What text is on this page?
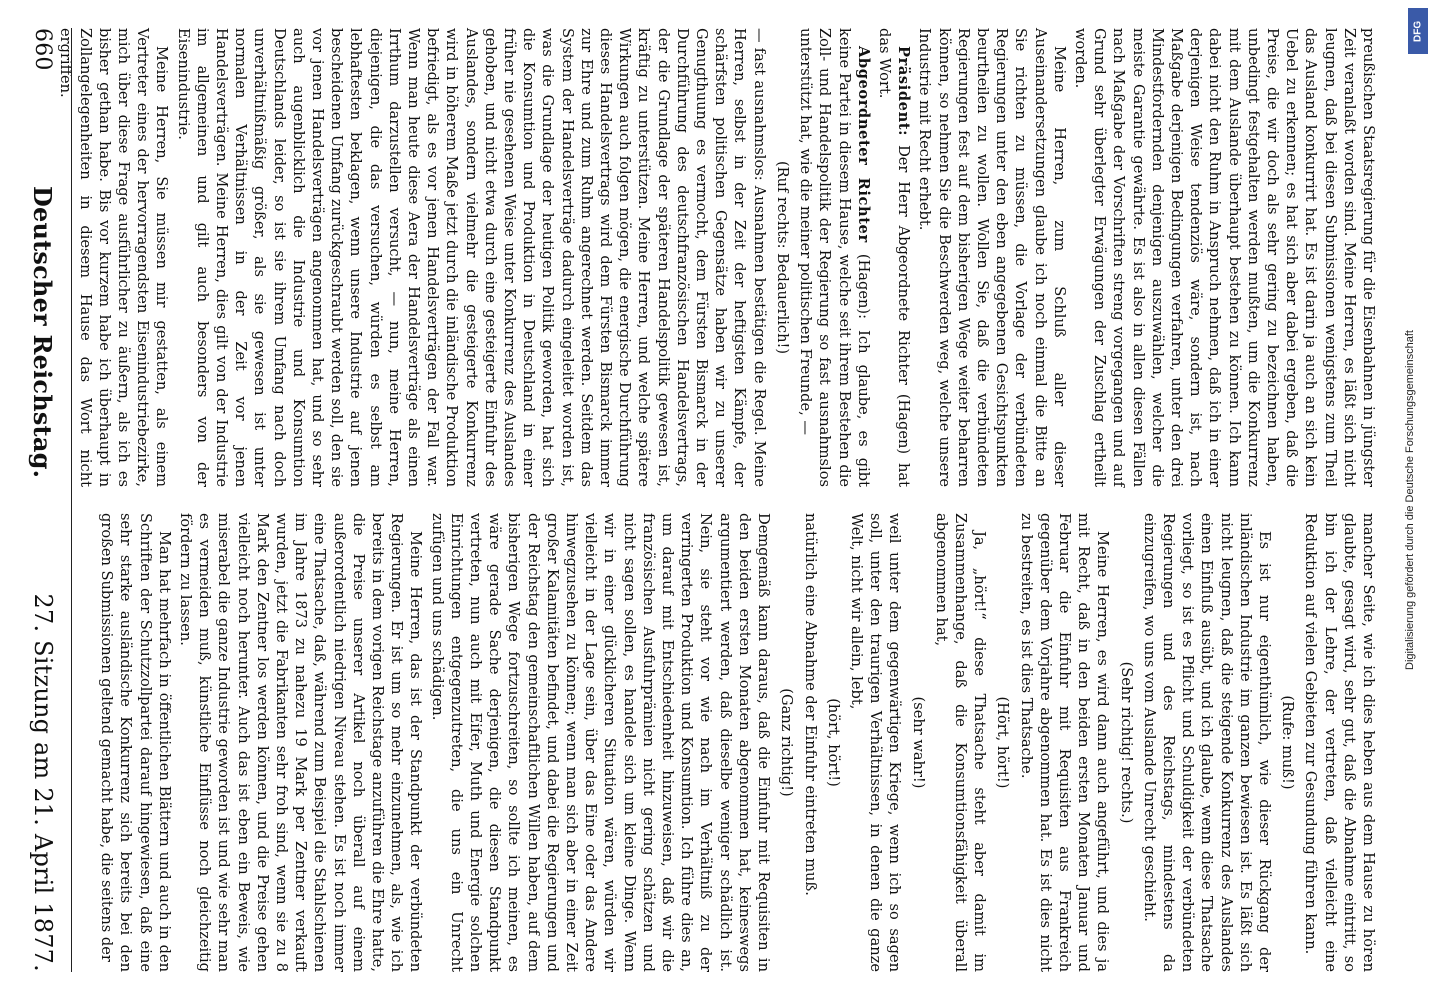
mancher Seite, wie ich dies heben aus dem Hause zu hören glaubte, gesagt wird, sehr gut, daß die Abnahme eintritt, so bin ich der Lehre, der vertreten, daß vielleicht eine Reduktion auf vielen Gebieten zur Gesundung führen kann.

(Rufe: muß!)

Es ist nur eigenthümlich, wie dieser Rückgang der inländischen Industrie im ganzen bewiesen ist. Es läßt sich nicht leugnen, daß die steigende Konkurrenz des Auslandes einen Einfluß ausübt, und ich glaube, wenn diese Thatsache vorliegt, so ist es Pflicht und Schuldigkeit der verbündeten Regierungen und des Reichstags, mindestens da einzugreifen, wo uns vom Auslande Unrecht geschieht.

(Sehr richtig! rechts.)

Meine Herren, es wird dann auch angeführt, und dies ja mit Recht, daß in den beiden ersten Monaten Januar und Februar die Einfuhr mit Requisiten aus Frankreich gegenüber dem Vorjahre abgenommen hat. Es ist dies nicht zu bestreiten, es ist dies Thatsache.

(Hört, hört!)

Ja, „hört!“ diese Thatsache steht aber damit im Zusammenhange, daß die Konsumtionsfähigkeit überall abgenommen hat,

(sehr wahr!)

weil unter dem gegenwärtigen Kriege, wenn ich so sagen soll, unter den traurigen Verhältnissen, in denen die ganze Welt, nicht wir allein, lebt,

(hört, hört!)

natürlich eine Abnahme der Einfuhr eintreten muß.

(Ganz richtig!)

Demgemäß kann daraus, daß die Einfuhr mit Requisiten in den beiden ersten Monaten abgenommen hat, keineswegs argumentiert werden, daß dieselbe weniger schädlich ist. Nein, sie steht vor wie nach im Verhältniß zu der verringerten Produktion und Konsumtion. Ich führe dies an, um darauf mit Entschiedenheit hinzuweisen, daß wir die französischen Ausfuhrprämien nicht gering schätzen und nicht sagen sollen, es handele sich um kleine Dinge. Wenn wir in einer glücklicheren Situation wären, würden wir vielleicht in der Lage sein, über das Eine oder das Andere hinwegzusehen zu können; wenn man sich aber in einer Zeit großer Kalamitäten befindet, und dabei die Regierungen und der Reichstag den gemeinschaftlichen Willen haben, auf dem bisherigen Wege fortzuschreiten, so sollte ich meinen, es wäre gerade Sache derjenigen, die diesen Standpunkt vertreten, nun auch mit Eifer, Muth und Energie solchen Einrichtungen entgegenzutreten, die uns ein Unrecht zufügen und uns schädigen.

Meine Herren, das ist der Standpunkt der verbündeten Regierungen. Er ist um so mehr einzunehmen, als, wie ich bereits in dem vorigen Reichstage anzuführen die Ehre hatte, die Preise unserer Artikel noch überall auf einem außerordentlich niedrigen Niveau stehen. Es ist noch immer eine Thatsache, daß, während zum Beispiel die Stahlschienen im Jahre 1873 zu nahezu 19 Mark per Zentner verkauft wurden, jetzt die Fabrikanten sehr froh sind, wenn sie zu 8 Mark den Zentner los werden können, und die Preise gehen vielleicht noch herunter. Auch das ist eben ein Beweis, wie miserabel die ganze Industrie geworden ist und wie sehr man es vermeiden muß, künstliche Einflüsse noch gleichzeitig fördern zu lassen.

Man hat mehrfach in öffentlichen Blättern und auch in den Schriften der Schutzzollpartei darauf hingewiesen, daß eine sehr starke ausländische Konkurrenz sich bereits bei den großen Submissionen geltend gemacht habe, die seitens der

preußischen Staatsregierung für die Eisenbahnen in jüngster Zeit veranlaßt worden sind. Meine Herren, es läßt sich nicht leugnen, daß bei diesen Submissionen wenigstens zum Theil das Ausland konkurrirt hat. Es ist darin ja auch an sich kein Uebel zu erkennen; es hat sich aber dabei ergeben, daß die Preise, die wir doch als sehr gering zu bezeichnen haben, unbedingt festgehalten werden mußten, um die Konkurrenz mit dem Auslande überhaupt bestehen zu können. Ich kann dabei nicht den Ruhm in Anspruch nehmen, daß ich in einer derjenigen Weise tendenziös wäre, sondern ist, nach Maßgabe derjenigen Bedingungen verfahren, unter den drei Mindestfordernden denjenigen auszuwählen, welcher die meiste Garantie gewährte. Es ist also in allen diesen Fällen nach Maßgabe der Vorschriften streng vorgegangen und auf Grund sehr überlegter Erwägungen der Zuschlag ertheilt worden.

Meine Herren, zum Schluß aller dieser Auseinandersetzungen glaube ich noch einmal die Bitte an Sie richten zu müssen, die Vorlage der verbündeten Regierungen unter den eben angegebenen Gesichtspunkten beurtheilen zu wollen. Wollen Sie, daß die verbündeten Regierungen fest auf dem bisherigen Wege weiter beharren können, so nehmen Sie die Beschwerden weg, welche unsere Industrie mit Recht erhebt.

Präsident: Der Herr Abgeordnete Richter (Hagen) hat das Wort.

Abgeordneter Richter (Hagen): Ich glaube, es gibt keine Partei in diesem Hause, welche seit ihrem Bestehen die Zoll- und Handelspolitik der Regierung so fast ausnahmslos unterstützt hat, wie die meiner politischen Freunde, —

(Ruf rechts: Bedauerlich!)

— fast ausnahmslos: Ausnahmen bestätigen die Regel. Meine Herren, selbst in der Zeit der heftigsten Kämpfe, der schärfsten politischen Gegensätze haben wir zu unserer Genugthuung es vermocht, dem Fürsten Bismarck in der Durchführung des deutschfranzösischen Handelsvertrags, der die Grundlage der späteren Handelspolitik gewesen ist, kräftig zu unterstützen. Meine Herren, und welche spätere Wirkungen auch folgen mögen, die energische Durchführung dieses Handelsvertrags wird dem Fürsten Bismarck immer zur Ehre und zum Ruhm angerechnet werden. Seitdem das System der Handelsverträge dadurch eingeleitet worden ist, was die Grundlage der heutigen Politik geworden, hat sich die Konsumtion und Produktion in Deutschland in einer früher nie gesehenen Weise unter Konkurrenz des Auslandes gehoben, und nicht etwa durch eine gesteigerte Einfuhr des Auslandes, sondern vielmehr die gesteigerte Konkurrenz wird in höherem Maße jetzt durch die inländische Produktion befriedigt, als es vor jenen Handelsverträgen der Fall war. Wenn man heute diese Aera der Handelsverträge als einen Irrthum darzustellen versucht, — nun, meine Herren, diejenigen, die das versuchen, würden es selbst am lebhaftesten beklagen, wenn unsere Industrie auf jenen bescheidenen Umfang zurückgeschraubt werden soll, den sie vor jenen Handelsverträgen angenommen hat, und so sehr auch augenblicklich die Industrie und Konsumtion Deutschlands leider, so ist sie ihrem Umfang nach doch unverhältnißmäßig größer, als sie gewesen ist unter normalen Verhältnissen in der Zeit vor jenen Handelsverträgen. Meine Herren, dies gilt von der Industrie im allgemeinen und gilt auch besonders von der Eisenindustrie.

Meine Herren, Sie müssen mir gestatten, als einem Vertreter eines der hervorragendsten Eisenindustriebezirke, mich über diese Frage ausführlicher zu äußern, als ich es bisher gethan habe. Bis vor kurzem habe ich überhaupt in Zollangelegenheiten in diesem Hause das Wort nicht ergriffen.

660
Deutscher Reichstag.
27. Sitzung am 21. April 1877.
DFG
Digitalisierung gefördert durch die Deutsche Forschungsgemeinschaft
